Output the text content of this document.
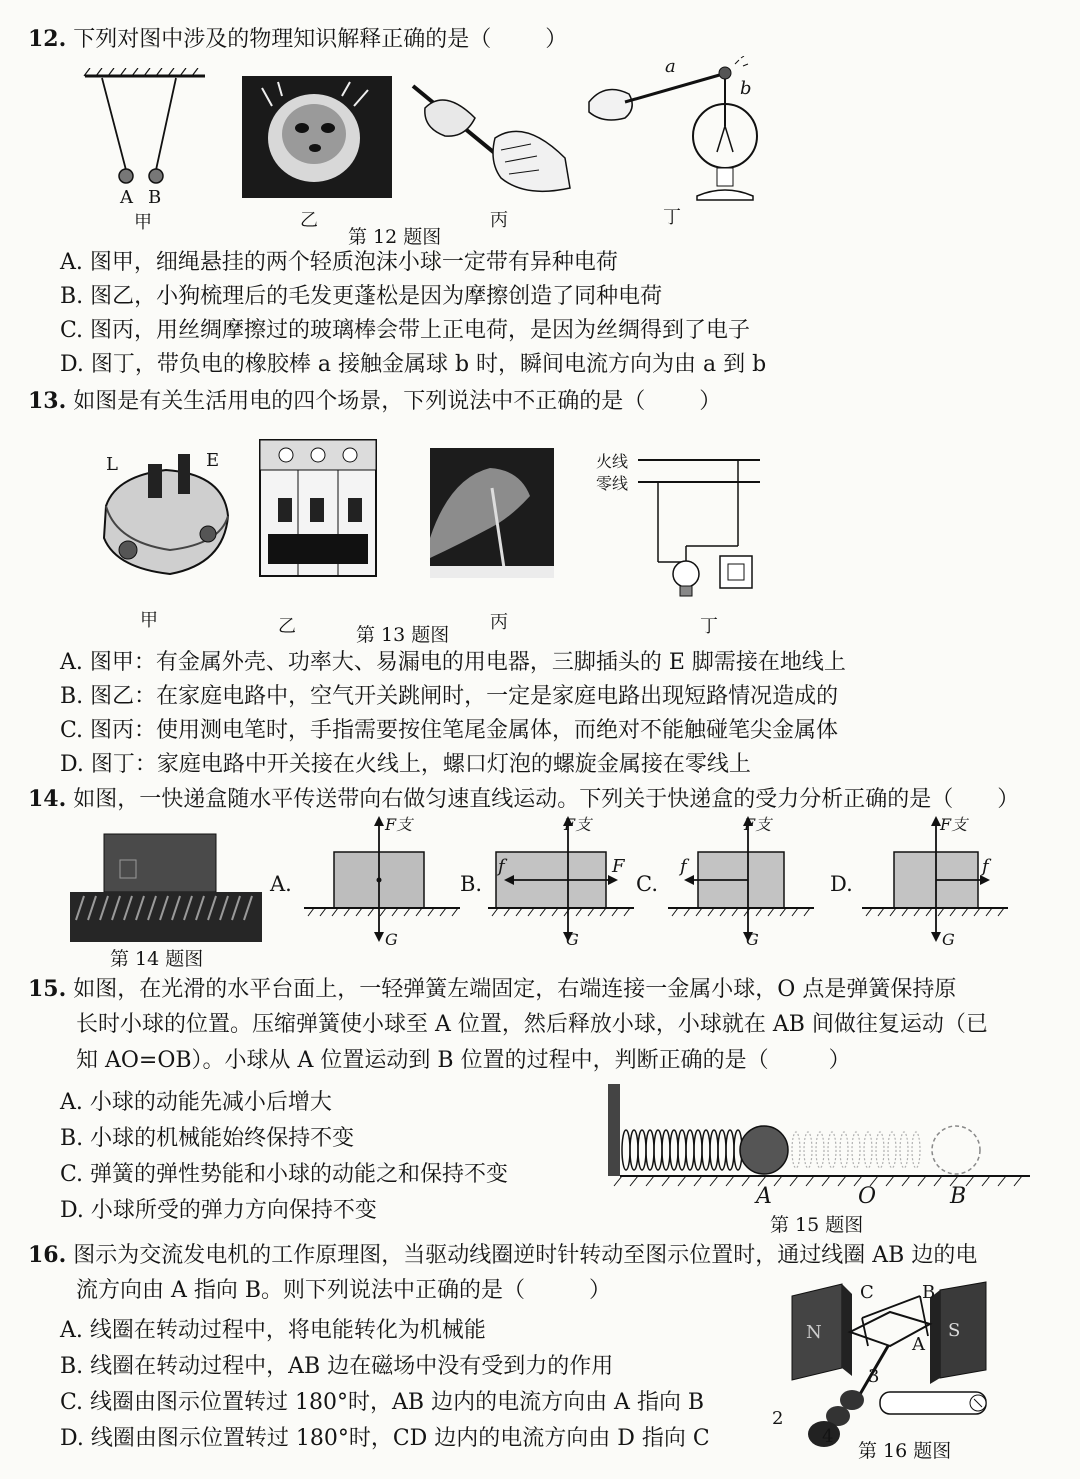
12. 下列对图中涉及的物理知识解释正确的是（ ）
A B
甲	乙	丙
a
b
丁
第 12 题图
A. 图甲，细绳悬挂的两个轻质泡沫小球一定带有异种电荷
B. 图乙，小狗梳理后的毛发更蓬松是因为摩擦创造了同种电荷
C. 图丙，用丝绸摩擦过的玻璃棒会带上正电荷，是因为丝绸得到了电子
D. 图丁，带负电的橡胶棒 a 接触金属球 b 时，瞬间电流方向为由 a 到 b
13. 如图是有关生活用电的四个场景，下列说法中不正确的是（ ）
L	E
甲	乙	丙
火线
零线
丁
第 13 题图
A. 图甲：有金属外壳、功率大、易漏电的用电器，三脚插头的 E 脚需接在地线上
B. 图乙：在家庭电路中，空气开关跳闸时，一定是家庭电路出现短路情况造成的
C. 图丙：使用测电笔时，手指需要按住笔尾金属体，而绝对不能触碰笔尖金属体
D. 图丁：家庭电路中开关接在火线上，螺口灯泡的螺旋金属接在零线上
14. 如图，一快递盒随水平传送带向右做匀速直线运动。下列关于快递盒的受力分析正确的是（ ）
第 14 题图
A.
F支
G
B.
F支
f	F
G
C.
F支
f
G
D.
F支
f
G
15. 如图，在光滑的水平台面上，一轻弹簧左端固定，右端连接一金属小球，O 点是弹簧保持原
长时小球的位置。压缩弹簧使小球至 A 位置，然后释放小球，小球就在 AB 间做往复运动（已
知 AO=OB）。小球从 A 位置运动到 B 位置的过程中，判断正确的是（	）
A. 小球的动能先减小后增大
B. 小球的机械能始终保持不变
C. 弹簧的弹性势能和小球的动能之和保持不变
D. 小球所受的弹力方向保持不变
A	O	B
第 15 题图
16. 图示为交流发电机的工作原理图，当驱动线圈逆时针转动至图示位置时，通过线圈 AB 边的电
流方向由 A 指向 B。则下列说法中正确的是（	）
A. 线圈在转动过程中，将电能转化为机械能
B. 线圈在转动过程中，AB 边在磁场中没有受到力的作用
C. 线圈由图示位置转过 180°时，AB 边内的电流方向由 A 指向 B
D. 线圈由图示位置转过 180°时，CD 边内的电流方向由 D 指向 C
C	B
A
N	S
3
2
4
第 16 题图
